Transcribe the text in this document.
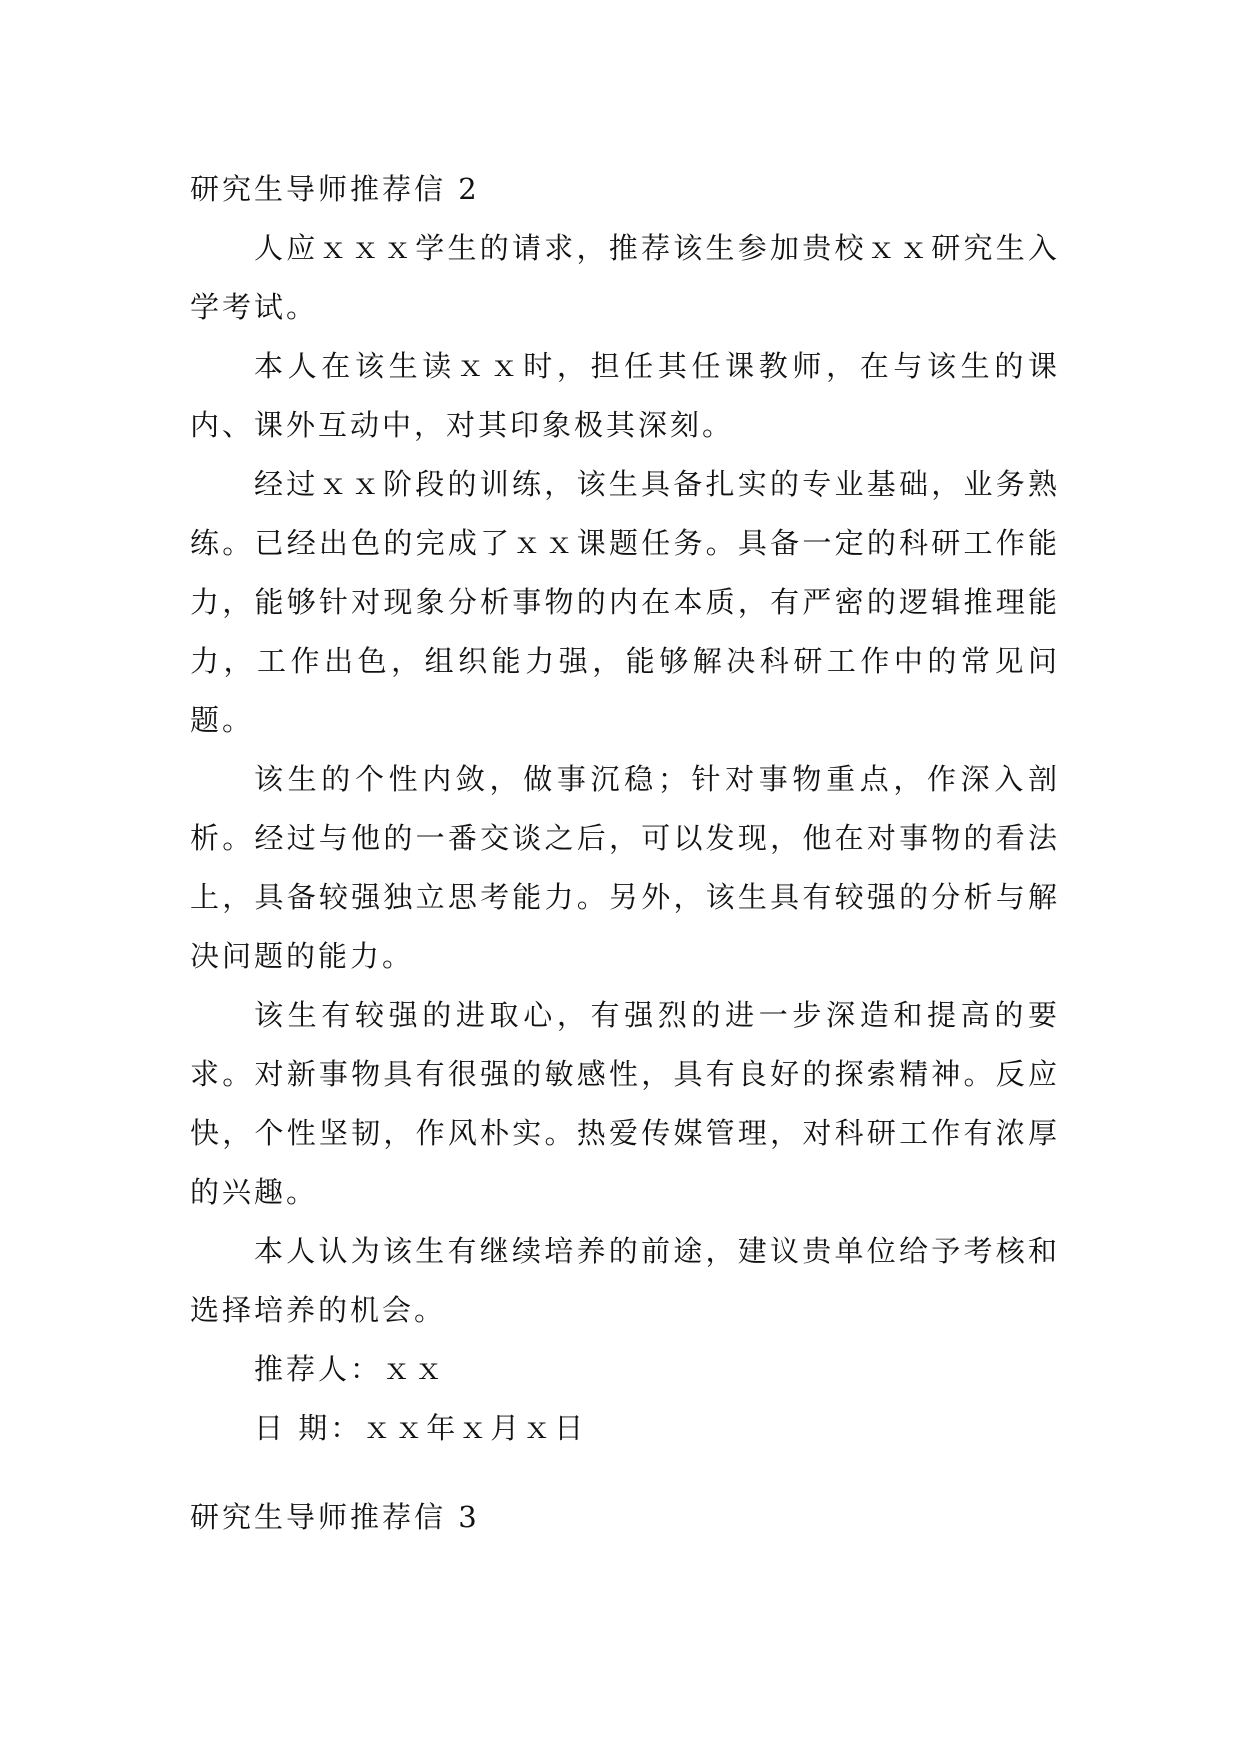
研究生导师推荐信 2

人应ｘｘｘ学生的请求，推荐该生参加贵校ｘｘ研究生入学考试。

本人在该生读ｘｘ时，担任其任课教师，在与该生的课内、课外互动中，对其印象极其深刻。

经过ｘｘ阶段的训练，该生具备扎实的专业基础，业务熟练。已经出色的完成了ｘｘ课题任务。具备一定的科研工作能力，能够针对现象分析事物的内在本质，有严密的逻辑推理能力，工作出色，组织能力强，能够解决科研工作中的常见问题。

该生的个性内敛，做事沉稳；针对事物重点，作深入剖析。经过与他的一番交谈之后，可以发现，他在对事物的看法上，具备较强独立思考能力。另外，该生具有较强的分析与解决问题的能力。

该生有较强的进取心，有强烈的进一步深造和提高的要求。对新事物具有很强的敏感性，具有良好的探索精神。反应快，个性坚韧，作风朴实。热爱传媒管理，对科研工作有浓厚的兴趣。

本人认为该生有继续培养的前途，建议贵单位给予考核和选择培养的机会。

推荐人：ｘｘ

日 期：ｘｘ年ｘ月ｘ日

研究生导师推荐信 3
